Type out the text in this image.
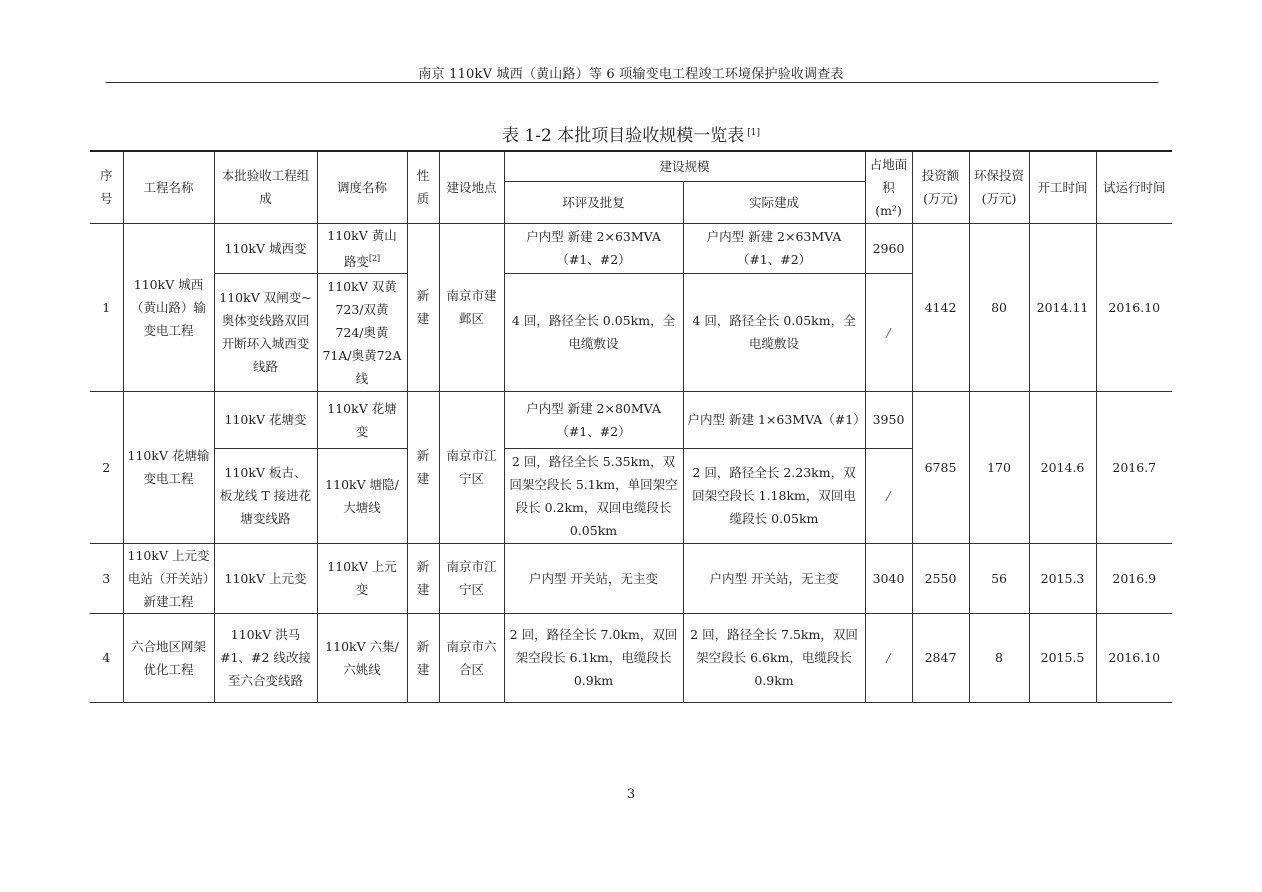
南京 110kV 城西（黄山路）等 6 项输变电工程竣工环境保护验收调查表
表 1-2 本批项目验收规模一览表 [1]
序号	工程名称	本批验收工程组成	调度名称	性质	建设地点	建设规模		占地面积(m²)	投资额(万元)	环保投资(万元)	开工时间	试运行时间
						环评及批复	实际建成					
1	110kV 城西（黄山路）输变电工程	110kV 城西变	110kV 黄山路变[2]	新建	南京市建邺区	户内型 新建 2×63MVA（#1、#2）	户内型 新建 2×63MVA（#1、#2）	2960	4142	80	2014.11	2016.10
		110kV 双闸变~奥体变线路双回开断环入城西变线路	110kV 双黄723/双黄724/奥黄71A/奥黄72A 线			4 回，路径全长 0.05km，全电缆敷设	4 回，路径全长 0.05km，全电缆敷设	/				
2	110kV 花塘输变电工程	110kV 花塘变	110kV 花塘变	新建	南京市江宁区	户内型 新建 2×80MVA（#1、#2）	户内型 新建 1×63MVA（#1）	3950	6785	170	2014.6	2016.7
		110kV 板古、板龙线 T 接进花塘变线路	110kV 塘隐/大塘线			2 回，路径全长 5.35km，双回架空段长 5.1km，单回架空段长 0.2km，双回电缆段长 0.05km	2 回，路径全长 2.23km，双回架空段长 1.18km，双回电缆段长 0.05km	/				
3	110kV 上元变电站（开关站）新建工程	110kV 上元变	110kV 上元变	新建	南京市江宁区	户内型 开关站，无主变	户内型 开关站，无主变	3040	2550	56	2015.3	2016.9
4	六合地区网架优化工程	110kV 洪马#1、#2 线改接至六合变线路	110kV 六集/六姚线	新建	南京市六合区	2 回，路径全长 7.0km，双回架空段长 6.1km，电缆段长 0.9km	2 回，路径全长 7.5km，双回架空段长 6.6km，电缆段长 0.9km	/	2847	8	2015.5	2016.10
3
